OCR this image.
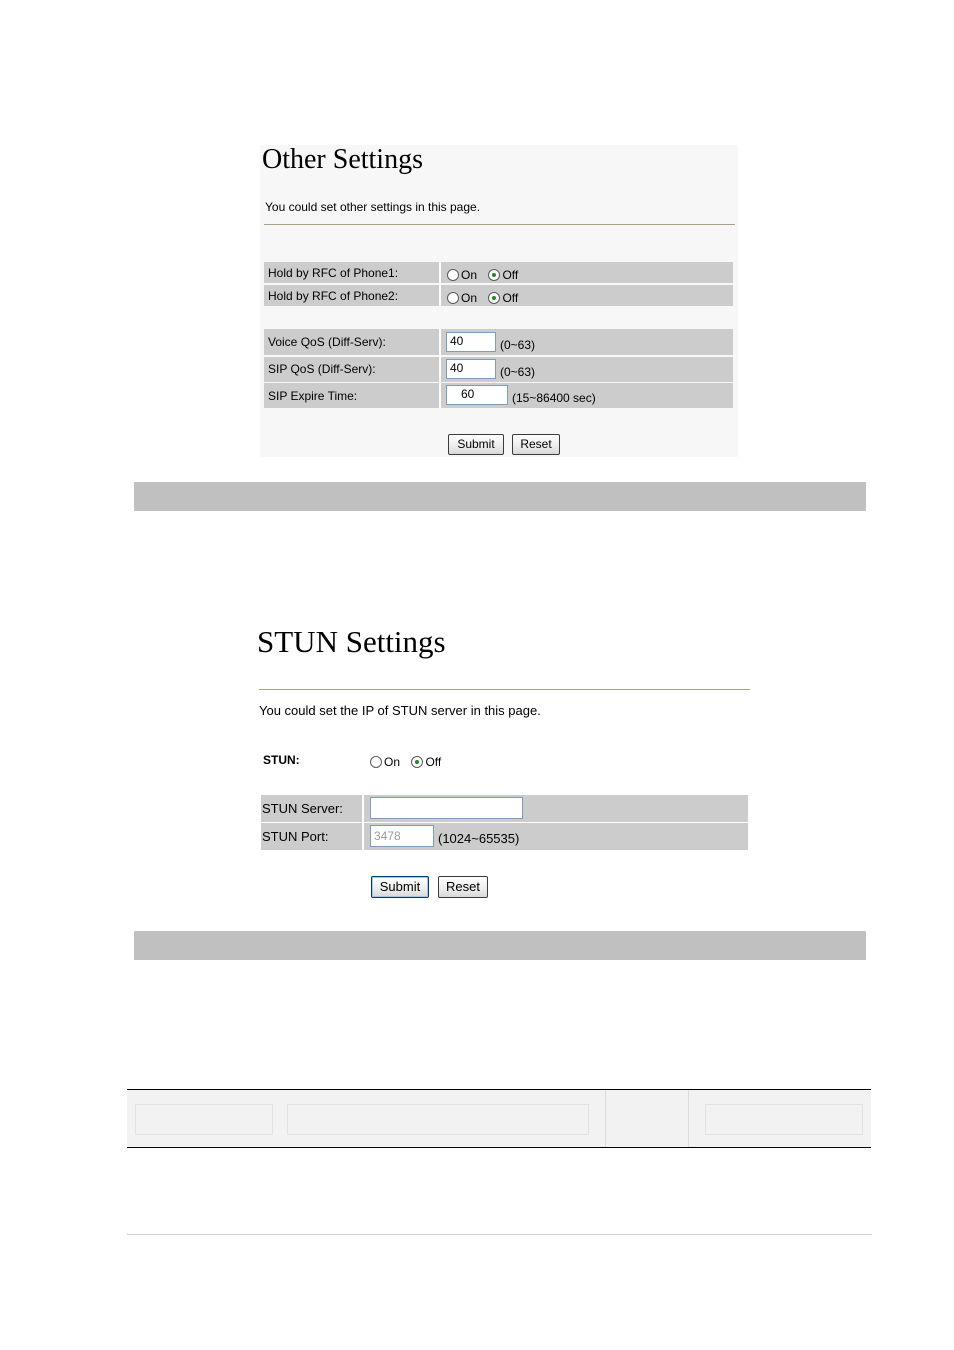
Other Settings
You could set other settings in this page.
Hold by RFC of Phone1:	On Off
Hold by RFC of Phone2:	On Off
Voice QoS (Diff-Serv):	40	(0~63)
SIP QoS (Diff-Serv):	40	(0~63)
SIP Expire Time:	60	(15~86400 sec)
Submit	Reset
STUN Settings
You could set the IP of STUN server in this page.
STUN:	On Off
STUN Server:
STUN Port:	3478	(1024~65535)
Submit	Reset
